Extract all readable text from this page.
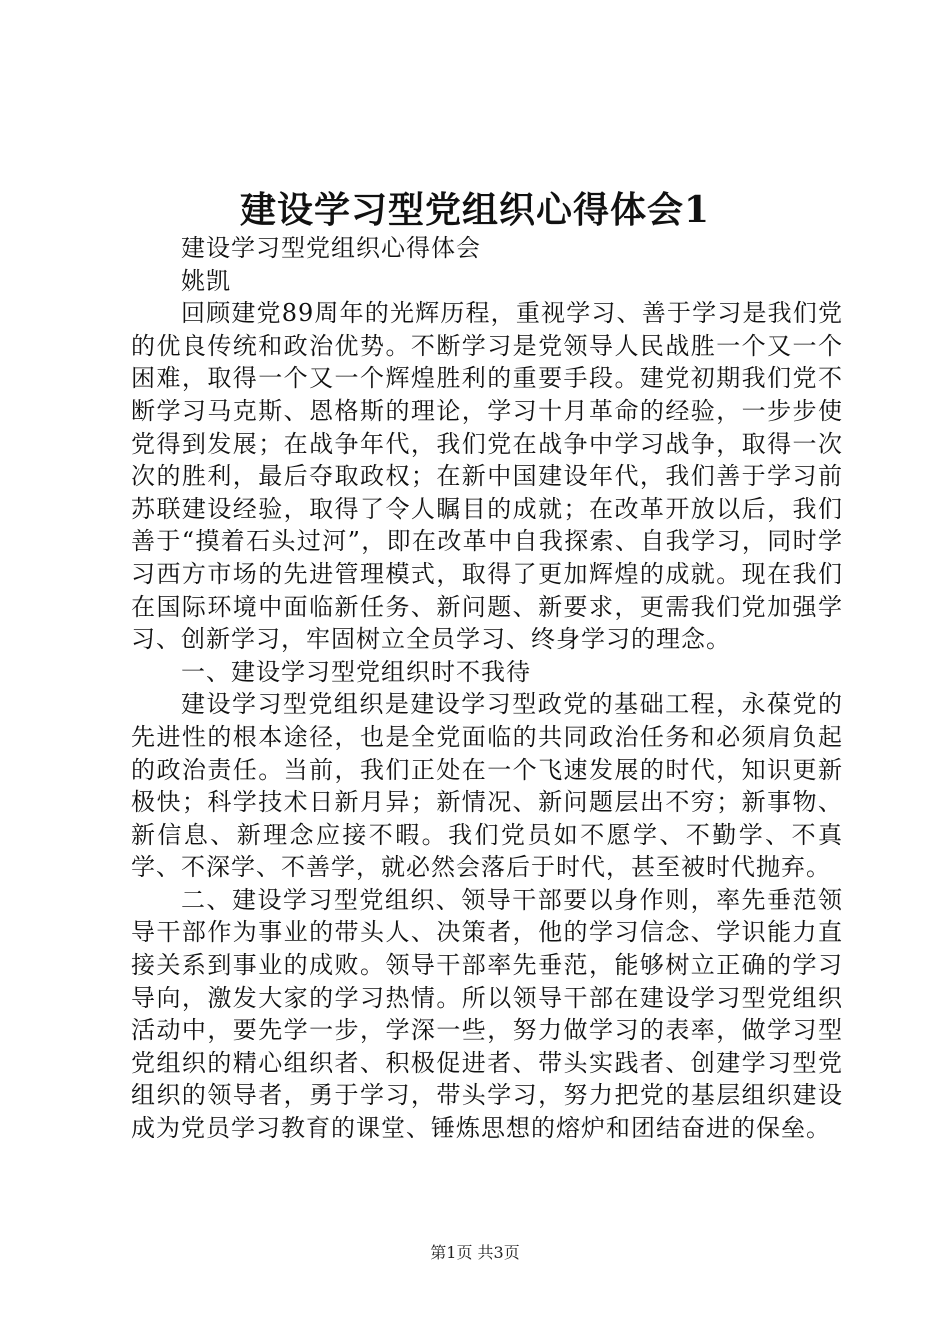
建设学习型党组织心得体会1

建设学习型党组织心得体会

姚凯

回顾建党89周年的光辉历程，重视学习、善于学习是我们党的优良传统和政治优势。不断学习是党领导人民战胜一个又一个困难，取得一个又一个辉煌胜利的重要手段。建党初期我们党不断学习马克斯、恩格斯的理论，学习十月革命的经验，一步步使党得到发展；在战争年代，我们党在战争中学习战争，取得一次次的胜利，最后夺取政权；在新中国建设年代，我们善于学习前苏联建设经验，取得了令人瞩目的成就；在改革开放以后，我们善于“摸着石头过河”，即在改革中自我探索、自我学习，同时学习西方市场的先进管理模式，取得了更加辉煌的成就。现在我们在国际环境中面临新任务、新问题、新要求，更需我们党加强学习、创新学习，牢固树立全员学习、终身学习的理念。

一、建设学习型党组织时不我待

建设学习型党组织是建设学习型政党的基础工程，永葆党的先进性的根本途径，也是全党面临的共同政治任务和必须肩负起的政治责任。当前，我们正处在一个飞速发展的时代，知识更新极快；科学技术日新月异；新情况、新问题层出不穷；新事物、新信息、新理念应接不暇。我们党员如不愿学、不勤学、不真学、不深学、不善学，就必然会落后于时代，甚至被时代抛弃。

二、建设学习型党组织、领导干部要以身作则，率先垂范领导干部作为事业的带头人、决策者，他的学习信念、学识能力直接关系到事业的成败。领导干部率先垂范，能够树立正确的学习导向，激发大家的学习热情。所以领导干部在建设学习型党组织活动中，要先学一步，学深一些，努力做学习的表率，做学习型党组织的精心组织者、积极促进者、带头实践者、创建学习型党组织的领导者，勇于学习，带头学习，努力把党的基层组织建设成为党员学习教育的课堂、锤炼思想的熔炉和团结奋进的保垒。

第1页 共3页
